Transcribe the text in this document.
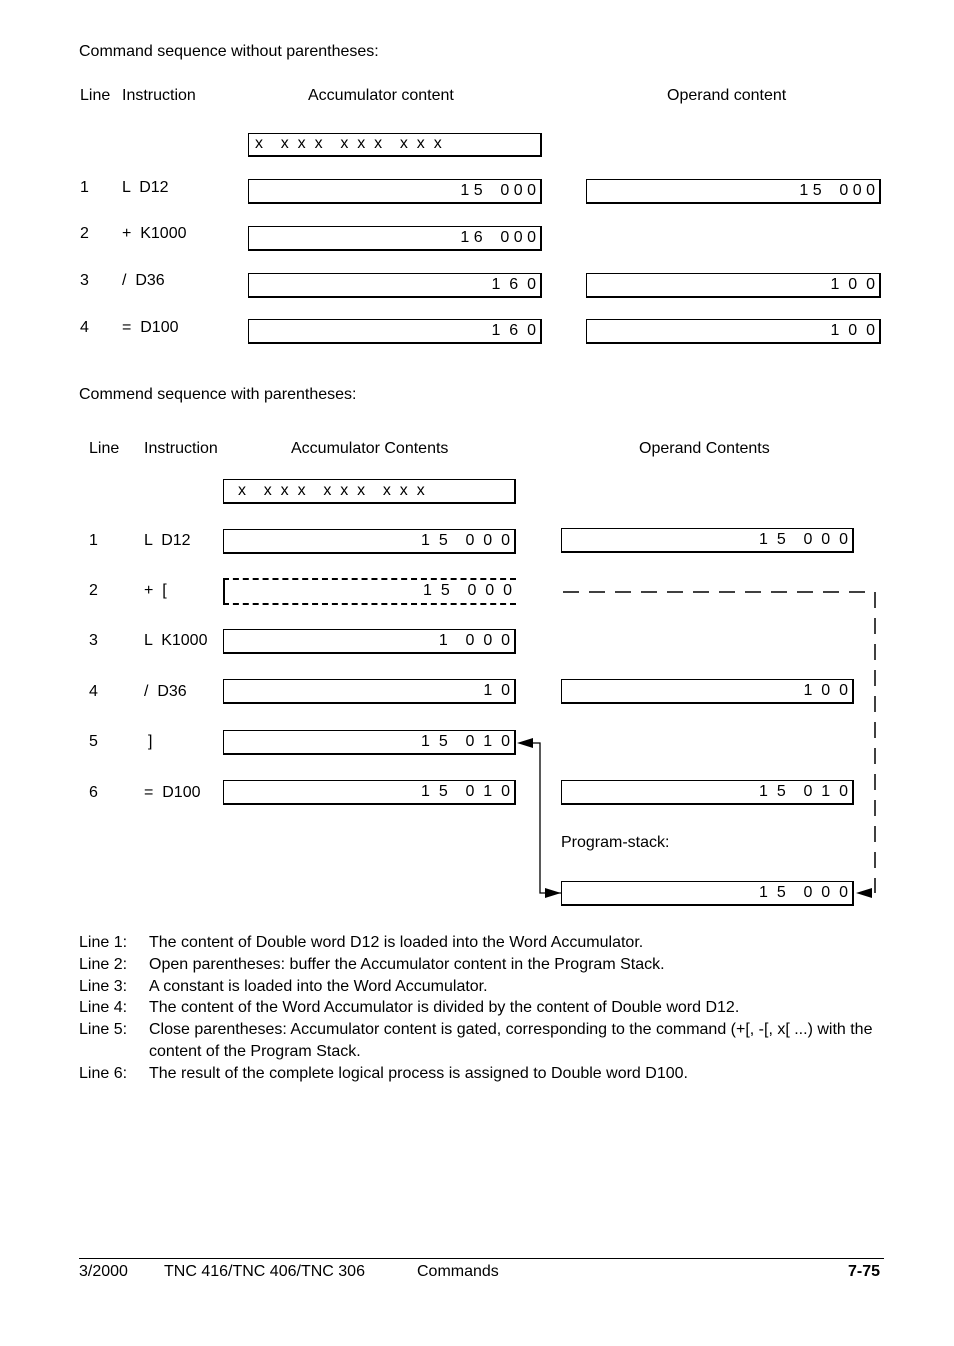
Command sequence without parentheses:
Line Instruction	Accumulator content	Operand content
x    x  x  x    x  x  x    x  x  x
1 L  D12	1 5    0 0 0	1 5    0 0 0
2 +  K1000	1 6    0 0 0
3 /  D36	1  6  0	1  0  0
4 =  D100	1  6  0	1  0  0
Commend sequence with parentheses:
Line Instruction	Accumulator Contents	Operand Contents
x    x  x  x    x  x  x    x  x  x
1	L  D12	1  5    0  0  0	1  5    0  0  0
2	+  [	1  5    0  0  0
3	L  K1000	1    0  0  0
4	/  D36	1  0	1  0  0
5	]	1  5    0  1  0
6	=  D100	1  5    0  1  0	1  5    0  1  0
Program-stack:
1  5    0  0  0
Line 1: The content of Double word D12 is loaded into the Word Accumulator.
Line 2: Open parentheses: buffer the Accumulator content in the Program Stack.
Line 3: A constant is loaded into the Word Accumulator.
Line 4: The content of the Word Accumulator is divided by the content of Double word D12.
Line 5: Close parentheses: Accumulator content is gated, corresponding to the command (+[, -[, x[ ...) with the content of the Program Stack.
Line 6: The result of the complete logical process is assigned to Double word D100.
3/2000 TNC 416/TNC 406/TNC 306	Commands	7-75
